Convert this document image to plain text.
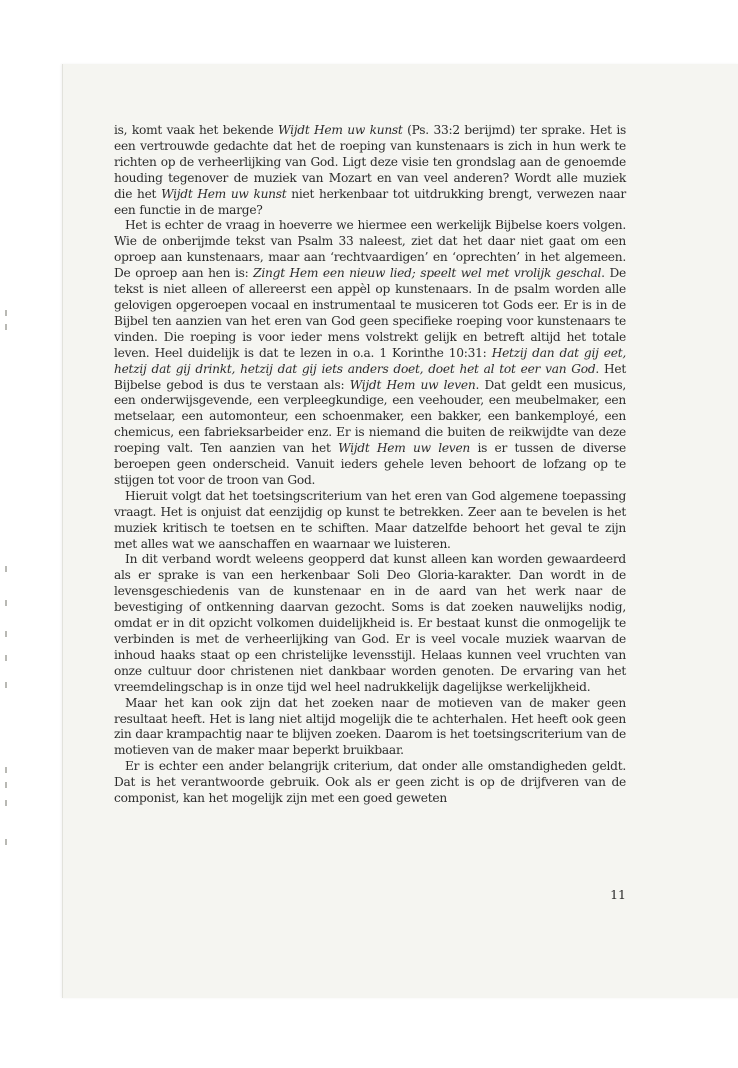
is, komt vaak het bekende Wijdt Hem uw kunst (Ps. 33:2 berijmd) ter sprake. Het is een vertrouwde gedachte dat het de roeping van kunstenaars is zich in hun werk te richten op de verheerlijking van God. Ligt deze visie ten grondslag aan de genoemde houding tegenover de muziek van Mozart en van veel anderen? Wordt alle muziek die het Wijdt Hem uw kunst niet herkenbaar tot uitdrukking brengt, verwezen naar een functie in de marge?

Het is echter de vraag in hoeverre we hiermee een werkelijk Bijbelse koers volgen. Wie de onberijmde tekst van Psalm 33 naleest, ziet dat het daar niet gaat om een oproep aan kunstenaars, maar aan ‘rechtvaardigen’ en ‘oprechten’ in het algemeen. De oproep aan hen is: Zingt Hem een nieuw lied; speelt wel met vrolijk geschal. De tekst is niet alleen of allereerst een appèl op kunstenaars. In de psalm worden alle gelovigen opgeroepen vocaal en instrumentaal te musiceren tot Gods eer. Er is in de Bijbel ten aanzien van het eren van God geen specifieke roeping voor kunstenaars te vinden. Die roeping is voor ieder mens volstrekt gelijk en betreft altijd het totale leven. Heel duidelijk is dat te lezen in o.a. 1 Korinthe 10:31: Hetzij dan dat gij eet, hetzij dat gij drinkt, hetzij dat gij iets anders doet, doet het al tot eer van God. Het Bijbelse gebod is dus te verstaan als: Wijdt Hem uw leven. Dat geldt een musicus, een onderwijsgevende, een verpleegkundige, een veehouder, een meubelmaker, een metselaar, een automonteur, een schoenmaker, een bakker, een bankemployé, een chemicus, een fabrieksarbeider enz. Er is niemand die buiten de reikwijdte van deze roeping valt. Ten aanzien van het Wijdt Hem uw leven is er tussen de diverse beroepen geen onderscheid. Vanuit ieders gehele leven behoort de lofzang op te stijgen tot voor de troon van God.

Hieruit volgt dat het toetsingscriterium van het eren van God algemene toepassing vraagt. Het is onjuist dat eenzijdig op kunst te betrekken. Zeer aan te bevelen is het muziek kritisch te toetsen en te schiften. Maar datzelfde behoort het geval te zijn met alles wat we aanschaffen en waarnaar we luisteren.

In dit verband wordt weleens geopperd dat kunst alleen kan worden gewaardeerd als er sprake is van een herkenbaar Soli Deo Gloria-karakter. Dan wordt in de levensgeschiedenis van de kunstenaar en in de aard van het werk naar de bevestiging of ontkenning daarvan gezocht. Soms is dat zoeken nauwelijks nodig, omdat er in dit opzicht volkomen duidelijkheid is. Er bestaat kunst die onmogelijk te verbinden is met de verheerlijking van God. Er is veel vocale muziek waarvan de inhoud haaks staat op een christelijke levensstijl. Helaas kunnen veel vruchten van onze cultuur door christenen niet dankbaar worden genoten. De ervaring van het vreemdelingschap is in onze tijd wel heel nadrukkelijk dagelijkse werkelijkheid.

Maar het kan ook zijn dat het zoeken naar de motieven van de maker geen resultaat heeft. Het is lang niet altijd mogelijk die te achterhalen. Het heeft ook geen zin daar krampachtig naar te blijven zoeken. Daarom is het toetsingscriterium van de motieven van de maker maar beperkt bruikbaar.

Er is echter een ander belangrijk criterium, dat onder alle omstandigheden geldt. Dat is het verantwoorde gebruik. Ook als er geen zicht is op de drijfveren van de componist, kan het mogelijk zijn met een goed geweten

11
